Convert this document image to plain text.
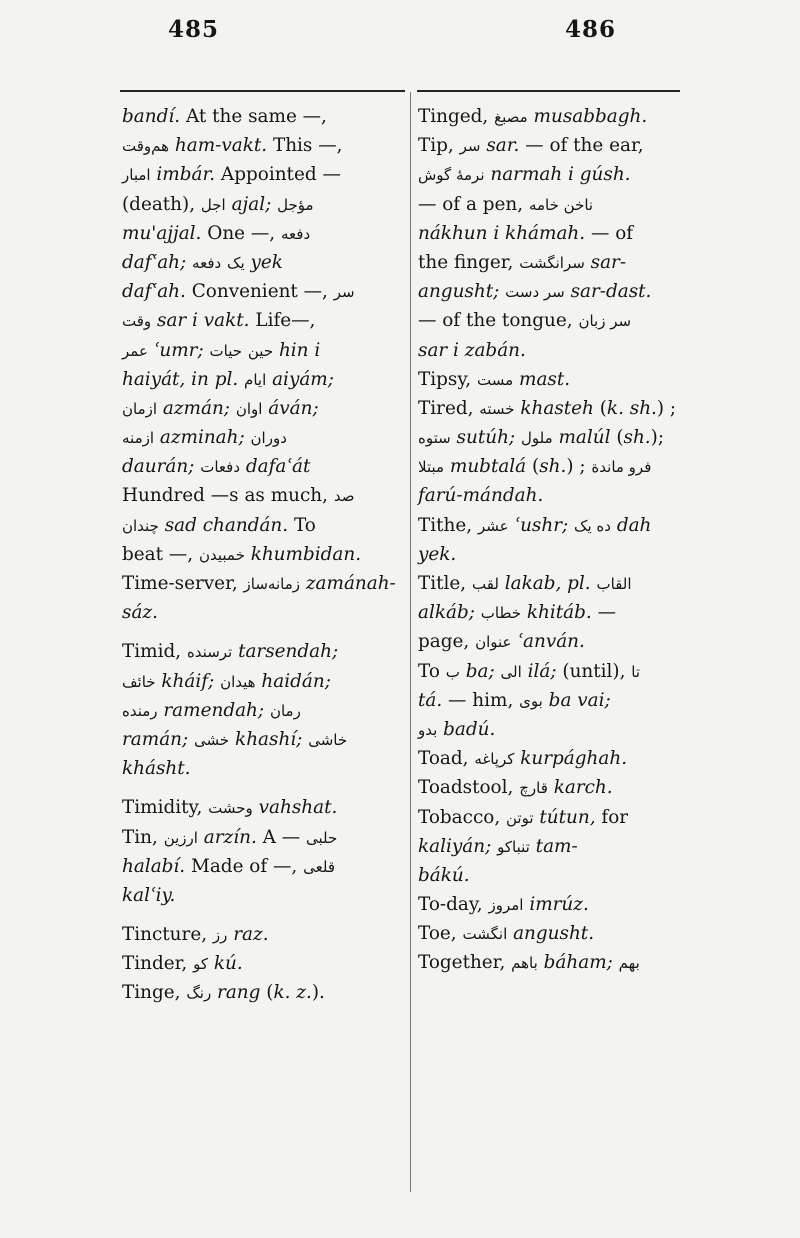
485	486
bandí. At the same —,
هم‌وقت ham-vakt. This —,
امبار imbár. Appointed —
(death), اجل ajal; مؤجل
mu'ajjal. One —, دفعه
dafʿah; دفعه یک yek
dafʿah. Convenient —, سر
وقت sar i vakt. Life—,
عمر ʿumr; حیات حین hin i
haiyát, in pl. ایام aiyám;
ازمان azmán; اوان áván;
ازمنه azminah; دوران
daurán; دفعات dafaʿát
Hundred —s as much, صد
چندان sad chandán. To
beat —, خمبیدن khumbidan.
Time-server, زمانه‌ساز zamánah-
sáz.
Timid, ترسنده tarsendah;
خائف kháif; هیدان haidán;
رمنده ramendah; رمان
ramán; خشی khashí; خاشی
khásht.
Timidity, وحشت vahshat.
Tin, ارزین arzín. A — حلبی
halabí. Made of —, قلعی
kalʿiy.
Tincture, رز raz.
Tinder, کو kú.
Tinge, رنگ rang (k. z.).
Tinged, مصبغ musabbagh.
Tip, سر sar. — of the ear,
نرمهٔ گوش narmah i gúsh.
— of a pen, ناخن خامه
nákhun i khámah. — of
the finger, سرانگشت sar-
angusht; سر دست sar-dast.
— of the tongue, سر زبان
sar i zabán.
Tipsy, مست mast.
Tired, خسته khasteh (k. sh.) ;
ستوه sutúh; ملول malúl (sh.);
مبتلا mubtalá (sh.) ; فرو ماندة
farú-mándah.
Tithe, عشر ʿushr; ده یک dah
yek.
Title, لقب lakab, pl. القاب
alkáb; خطاب khitáb. —
page, عنوان ʿanván.
To ب ba; الی ilá; (until), تا
tá. — him, بوی ba vai;
بدو badú.
Toad, کرپاغه kurpághah.
Toadstool, قارچ karch.
Tobacco, توتن tútun, for
kaliyán; تنباکو tam-
bákú.
To-day, امروز imrúz.
Toe, انگشت angusht.
Together, باهم báham; بهم
